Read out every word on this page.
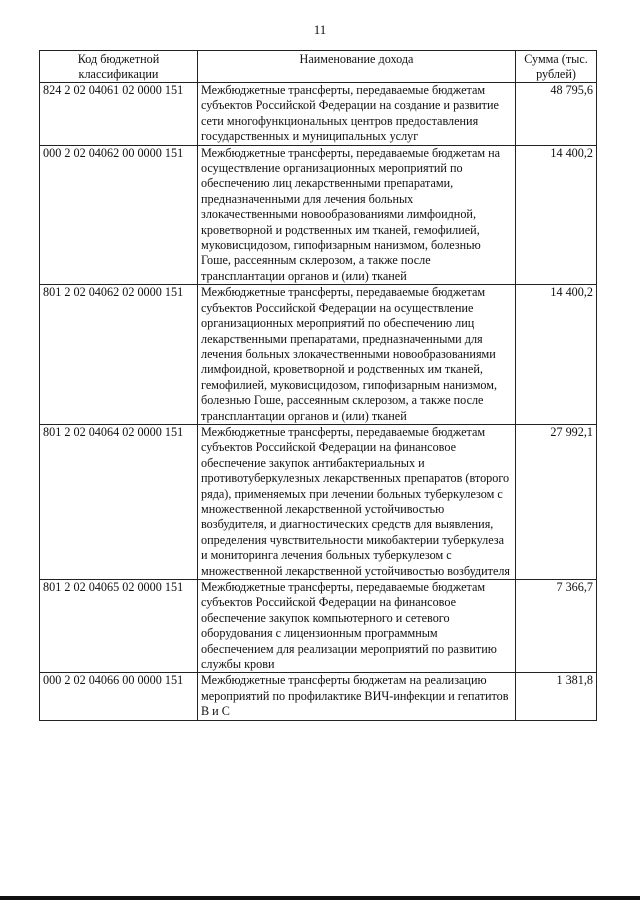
11
Код бюджетной классификации	Наименование дохода	Сумма (тыс. рублей)
824 2 02 04061 02 0000 151	Межбюджетные трансферты, передаваемые бюджетам субъектов Российской Федерации на создание и развитие сети многофункциональных центров предоставления государственных и муниципальных услуг	48 795,6
000 2 02 04062 00 0000 151	Межбюджетные трансферты, передаваемые бюджетам на осуществление организационных мероприятий по обеспечению лиц лекарственными препаратами, предназначенными для лечения больных злокачественными новообразованиями лимфоидной, кроветворной и родственных им тканей, гемофилией, муковисцидозом, гипофизарным нанизмом, болезнью Гоше, рассеянным склерозом, а также после трансплантации органов и (или) тканей	14 400,2
801 2 02 04062 02 0000 151	Межбюджетные трансферты, передаваемые бюджетам субъектов Российской Федерации на осуществление организационных мероприятий по обеспечению лиц лекарственными препаратами, предназначенными для лечения больных злокачественными новообразованиями лимфоидной, кроветворной и родственных им тканей, гемофилией, муковисцидозом, гипофизарным нанизмом, болезнью Гоше, рассеянным склерозом, а также после трансплантации органов и (или) тканей	14 400,2
801 2 02 04064 02 0000 151	Межбюджетные трансферты, передаваемые бюджетам субъектов Российской Федерации на финансовое обеспечение закупок антибактериальных и противотуберкулезных лекарственных препаратов (второго ряда), применяемых при лечении больных туберкулезом с множественной лекарственной устойчивостью возбудителя, и диагностических средств для выявления, определения чувствительности микобактерии туберкулеза и мониторинга лечения больных туберкулезом с множественной лекарственной устойчивостью возбудителя	27 992,1
801 2 02 04065 02 0000 151	Межбюджетные трансферты, передаваемые бюджетам субъектов Российской Федерации на финансовое обеспечение закупок компьютерного и сетевого оборудования с лицензионным программным обеспечением для реализации мероприятий по развитию службы крови	7 366,7
000 2 02 04066 00 0000 151	Межбюджетные трансферты бюджетам на реализацию мероприятий по профилактике ВИЧ-инфекции и гепатитов В и С	1 381,8
